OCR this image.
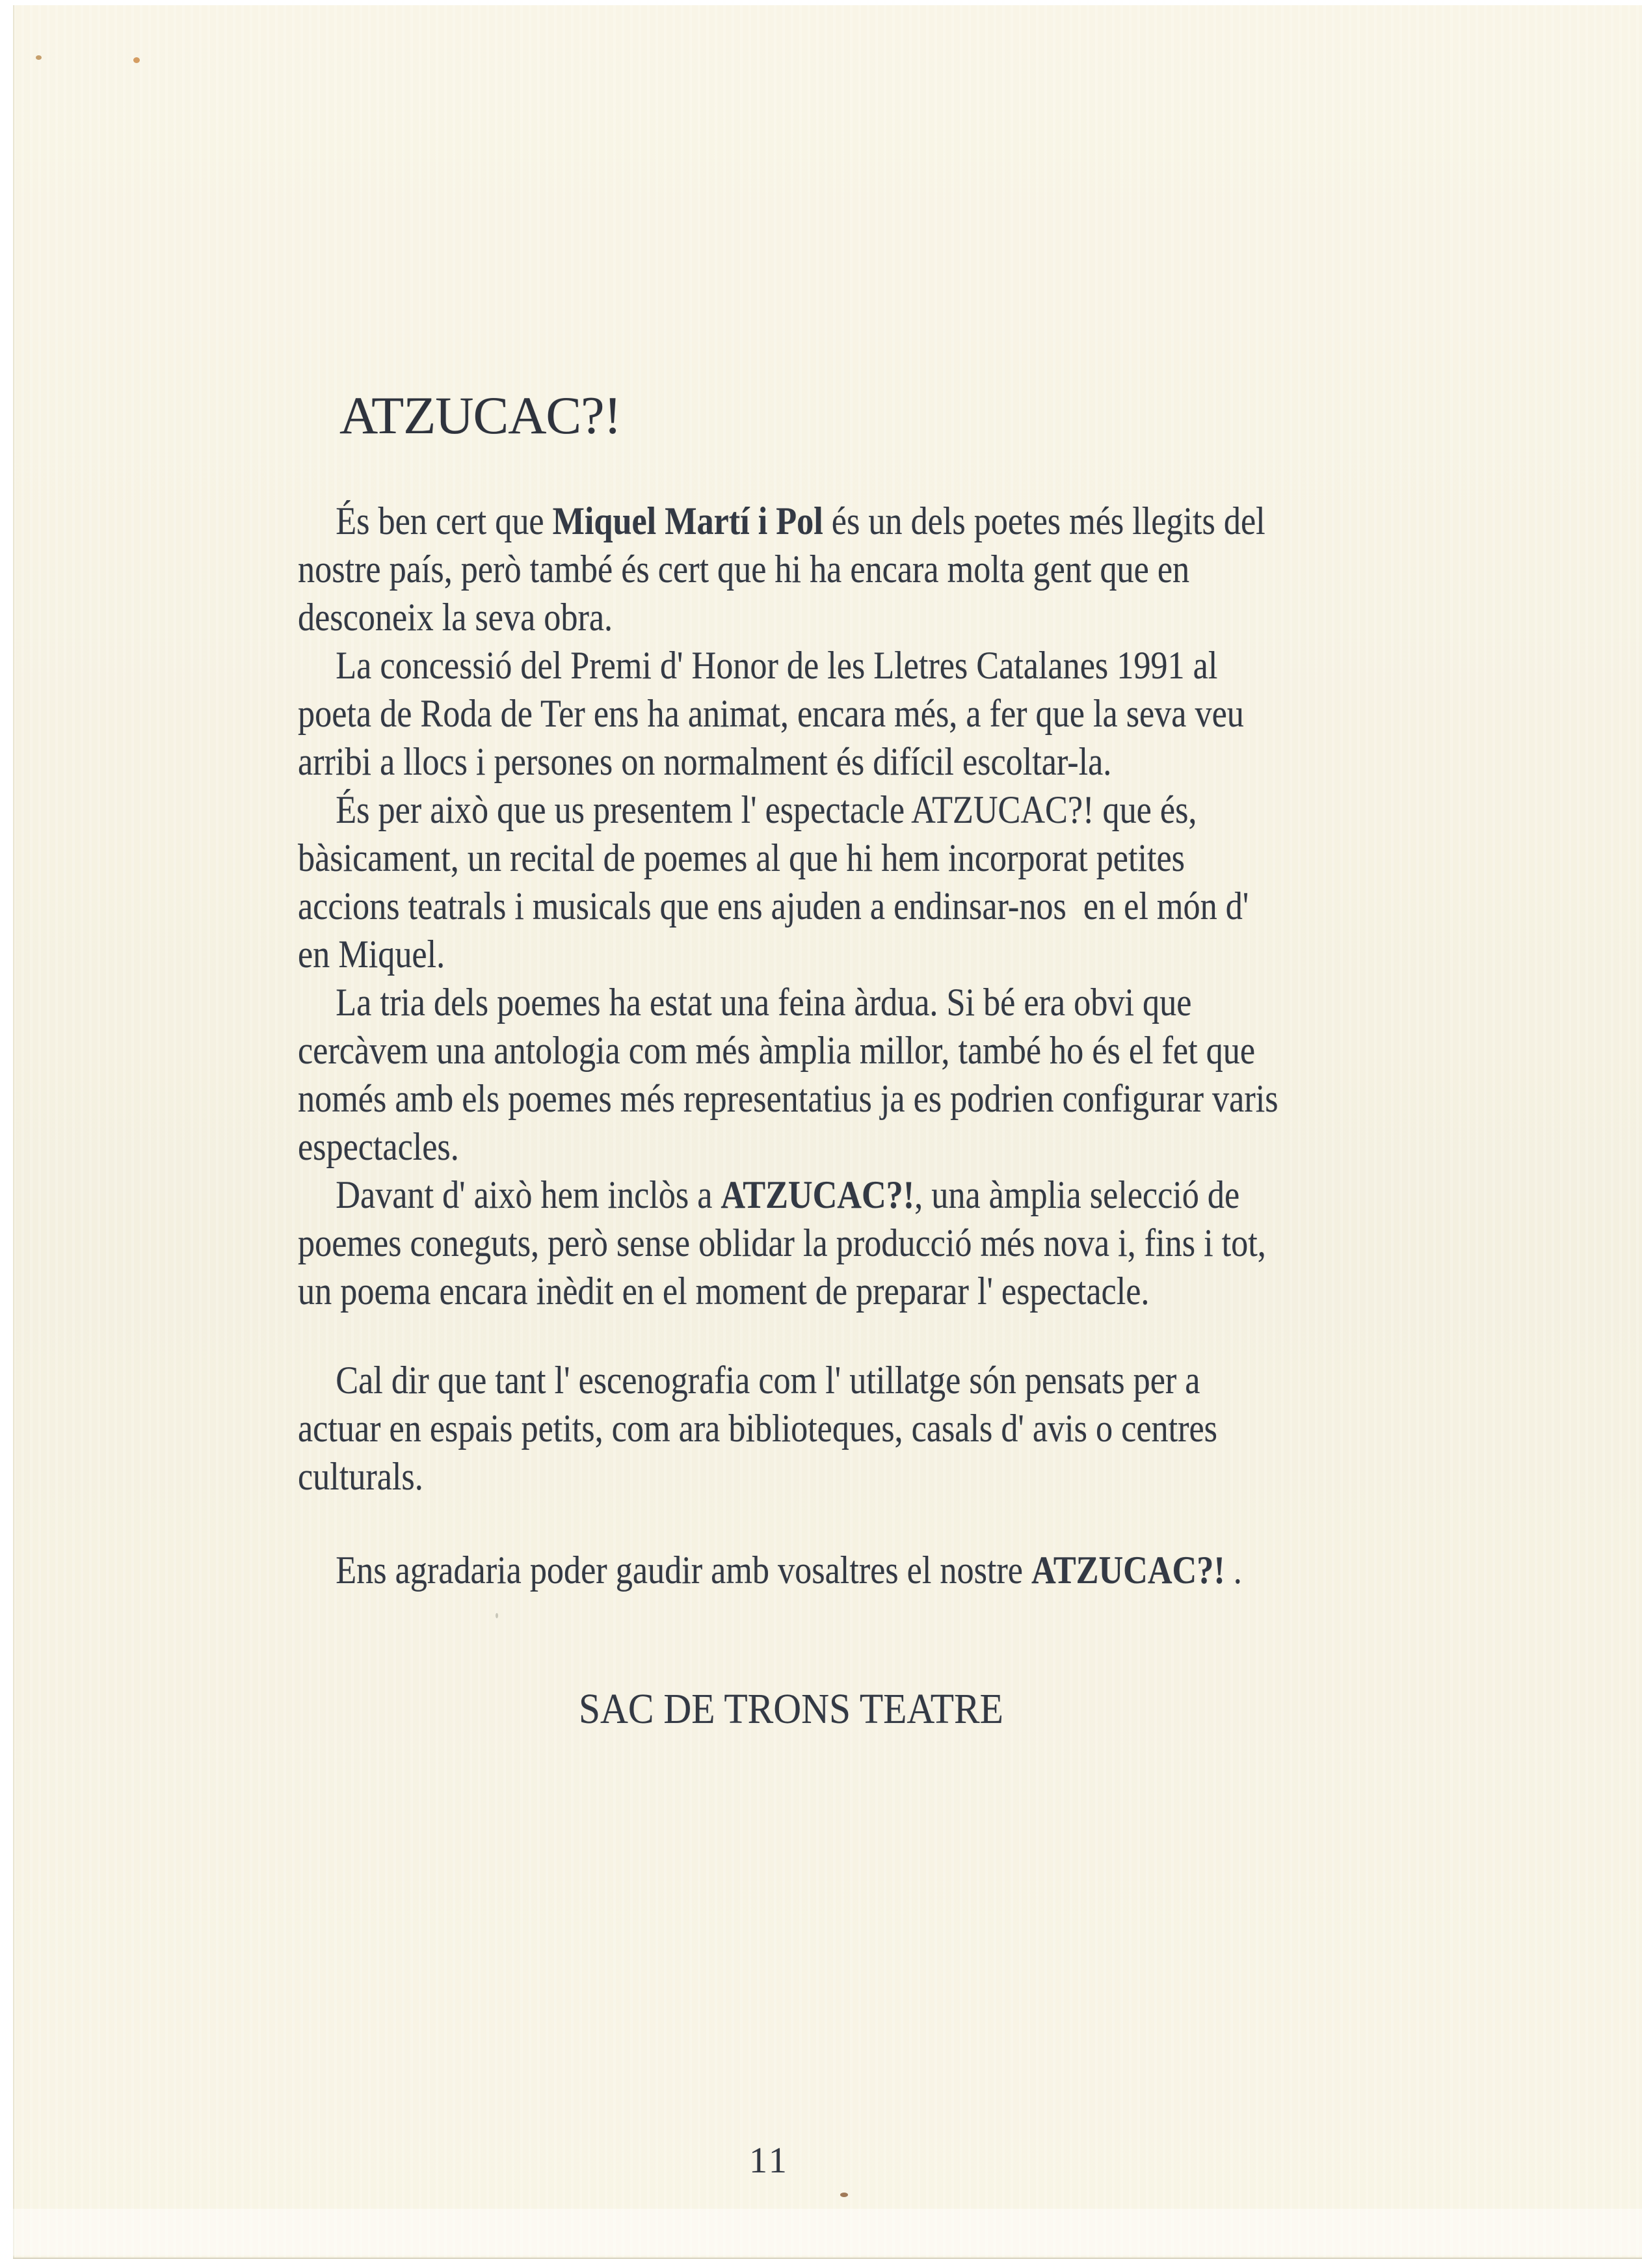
ATZUCAC?!

És ben cert que Miquel Martí i Pol és un dels poetes més llegits del
nostre país, però també és cert que hi ha encara molta gent que en
desconeix la seva obra.

La concessió del Premi d' Honor de les Lletres Catalanes 1991 al
poeta de Roda de Ter ens ha animat, encara més, a fer que la seva veu
arribi a llocs i persones on normalment és difícil escoltar-la.

És per això que us presentem l' espectacle ATZUCAC?! que és,
bàsicament, un recital de poemes al que hi hem incorporat petites
accions teatrals i musicals que ens ajuden a endinsar-nos  en el món d'
en Miquel.

La tria dels poemes ha estat una feina àrdua. Si bé era obvi que
cercàvem una antologia com més àmplia millor, també ho és el fet que
només amb els poemes més representatius ja es podrien configurar varis
espectacles.

Davant d' això hem inclòs a ATZUCAC?!, una àmplia selecció de
poemes coneguts, però sense oblidar la producció més nova i, fins i tot,
un poema encara inèdit en el moment de preparar l' espectacle.

Cal dir que tant l' escenografia com l' utillatge són pensats per a
actuar en espais petits, com ara biblioteques, casals d' avis o centres
culturals.

Ens agradaria poder gaudir amb vosaltres el nostre ATZUCAC?! .

SAC DE TRONS TEATRE
11
